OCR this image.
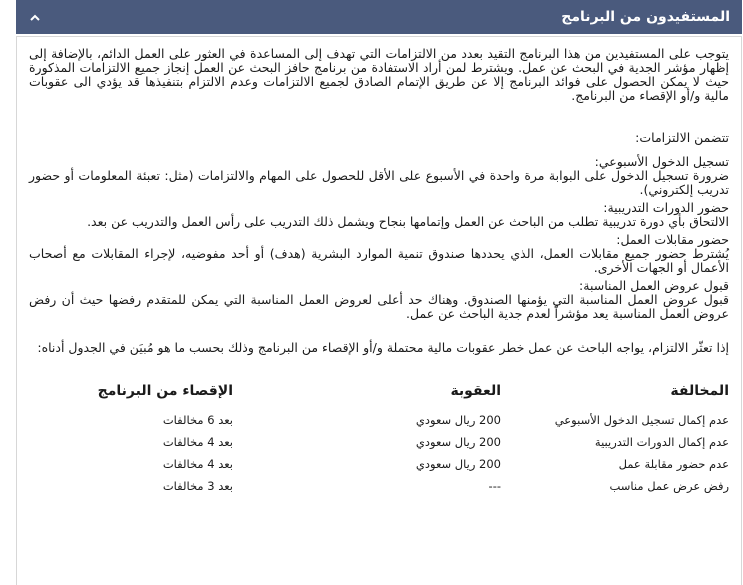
المستفيدون من البرنامج

يتوجب على المستفيدين من هذا البرنامج التقيد بعدد من الالتزامات التي تهدف إلى المساعدة في العثور على العمل الدائم، بالإضافة إلى إظهار مؤشر الجدية في البحث عن عمل. ويشترط لمن أراد الاستفادة من برنامج حافز البحث عن العمل إنجاز جميع الالتزامات المذكورة حيث لا يمكن الحصول على فوائد البرنامج إلا عن طريق الإتمام الصادق لجميع الالتزامات وعدم الالتزام بتنفيذها قد يؤدي الى عقوبات مالية و/أو الإقصاء من البرنامج.

تتضمن الالتزامات:

تسجيل الدخول الأسبوعي:

ضرورة تسجيل الدخول على البوابة مرة واحدة في الأسبوع على الأقل للحصول على المهام والالتزامات (مثل: تعبئة المعلومات أو حضور تدريب إلكتروني).

حضور الدورات التدريبية:

الالتحاق بأي دورة تدريبية تطلب من الباحث عن العمل وإتمامها بنجاح ويشمل ذلك التدريب على رأس العمل والتدريب عن بعد.

حضور مقابلات العمل:

يُشترط حضور جميع مقابلات العمل، الذي يحددها صندوق تنمية الموارد البشرية (هدف) أو أحد مفوضيه، لإجراء المقابلات مع أصحاب الأعمال أو الجهات الأخرى.

قبول عروض العمل المناسبة:

قبول عروض العمل المناسبة التي يؤمنها الصندوق. وهناك حد أعلى لعروض العمل المناسبة التي يمكن للمتقدم رفضها حيث أن رفض عروض العمل المناسبة يعد مؤشراً لعدم جدية الباحث عن عمل.

إذا تعثّر الالتزام، يواجه الباحث عن عمل خطر عقوبات مالية محتملة و/أو الإقصاء من البرنامج وذلك بحسب ما هو مُبيَن في الجدول أدناه:

المخالفة	العقوبة	الإقصاء من البرنامج
عدم إكمال تسجيل الدخول الأسبوعي	200 ريال سعودي	بعد 6 مخالفات
عدم إكمال الدورات التدريبية	200 ريال سعودي	بعد 4 مخالفات
عدم حضور مقابلة عمل	200 ريال سعودي	بعد 4 مخالفات
رفض عرض عمل مناسب	---	بعد 3 مخالفات
